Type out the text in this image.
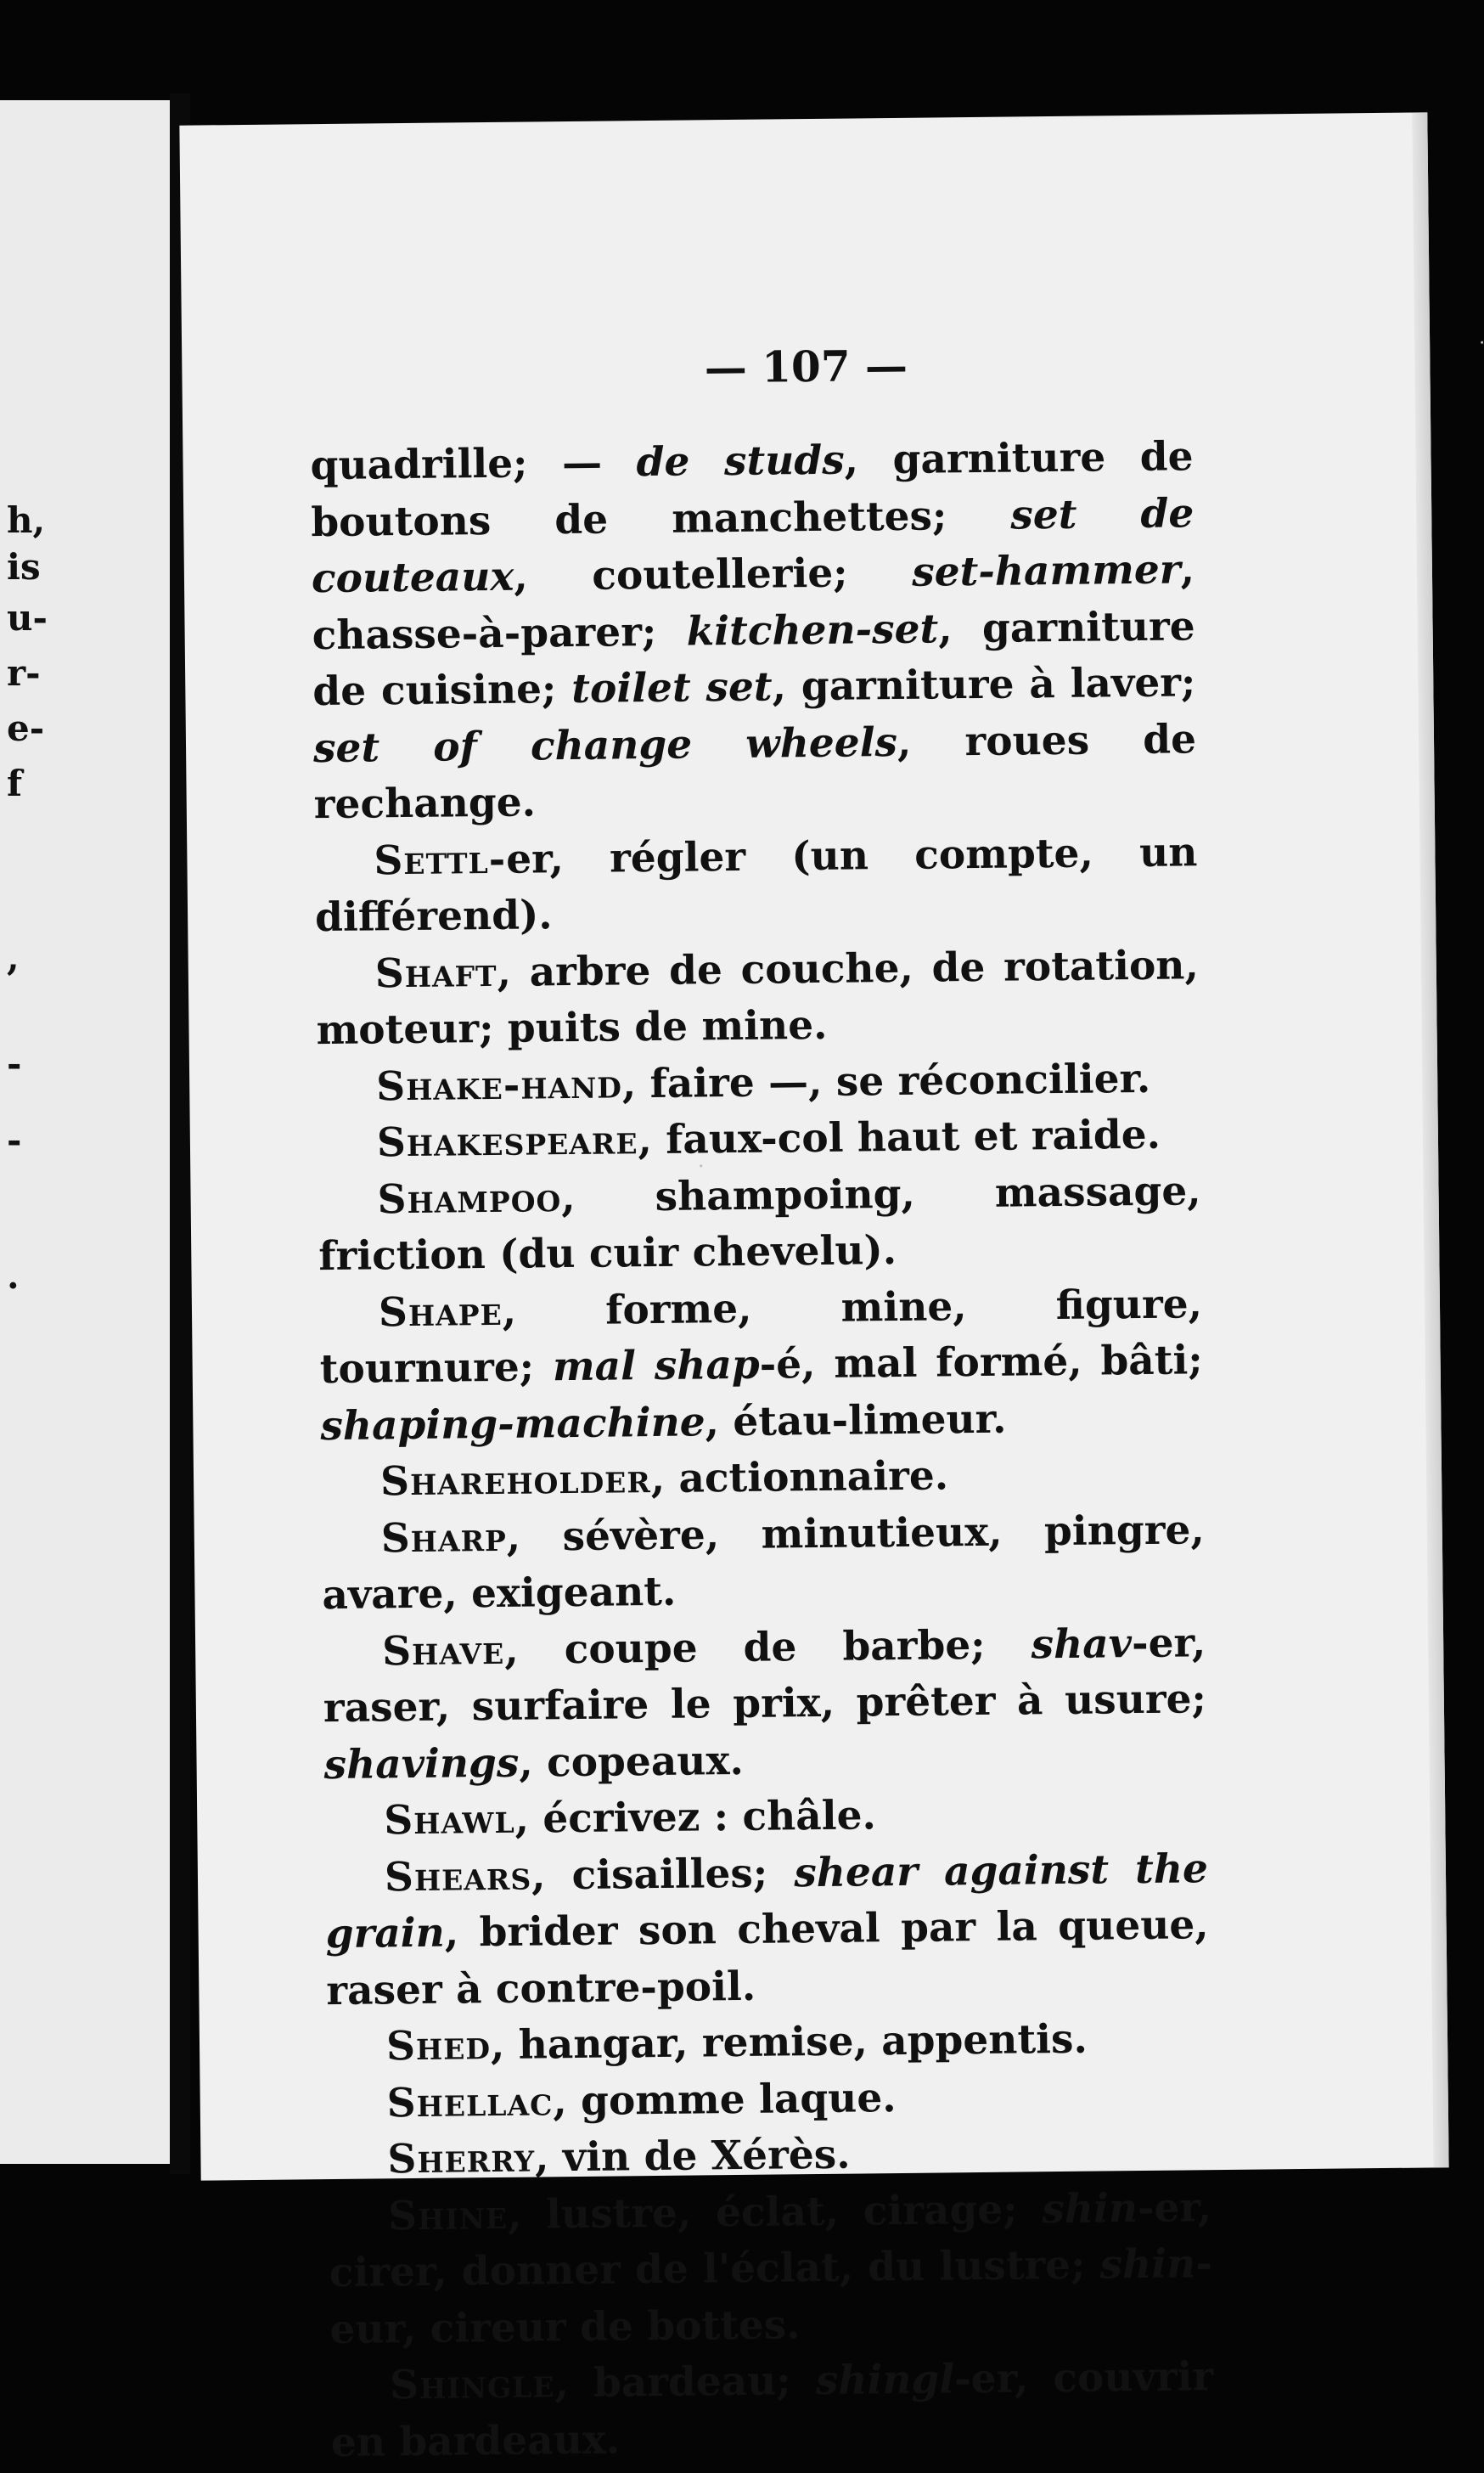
h,
is
u-
r-
e-
f
,
-
-
.
— 107 —

quadrille; — de studs, garniture de boutons de manchettes; set de couteaux, coutellerie; set-hammer, chasse-à-parer; kitchen-set, garniture de cuisine; toilet set, garniture à laver; set of change wheels, roues de rechange.

Settl-er, régler (un compte, un différend).

Shaft, arbre de couche, de rotation, moteur; puits de mine.

Shake-hand, faire —, se réconcilier.

Shakespeare, faux-col haut et raide.

Shampoo, shampoing, massage, friction (du cuir chevelu).

Shape, forme, mine, figure, tournure; mal shap-é, mal formé, bâti; shaping-machine, étau-limeur.

Shareholder, actionnaire.

Sharp, sévère, minutieux, pingre, avare, exigeant.

Shave, coupe de barbe; shav-er, raser, surfaire le prix, prêter à usure; shavings, copeaux.

Shawl, écrivez : châle.

Shears, cisailles; shear against the grain, brider son cheval par la queue, raser à contre-poil.

Shed, hangar, remise, appentis.

Shellac, gomme laque.

Sherry, vin de Xérès.

Shine, lustre, éclat, cirage; shin-er, cirer, donner de l'éclat, du lustre; shin-eur, cireur de bottes.

Shingle, bardeau; shingl-er, couvrir en bardeaux.
